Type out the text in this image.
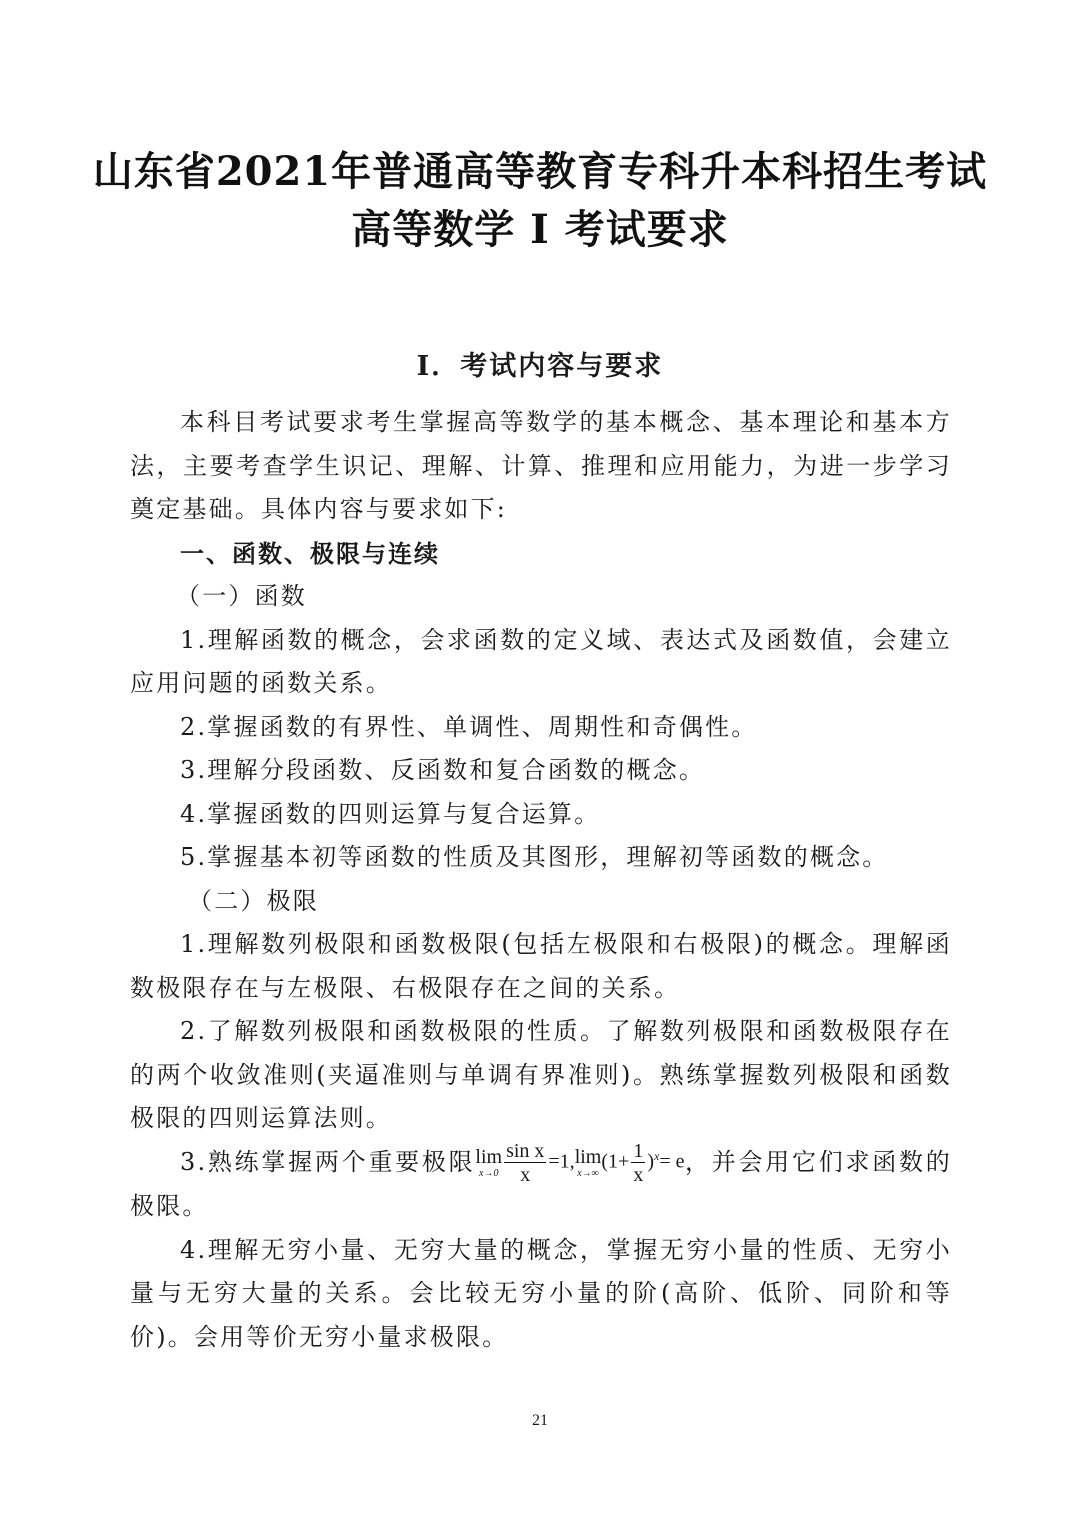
山东省2021年普通高等教育专科升本科招生考试
高等数学 I 考试要求
I．考试内容与要求

本科目考试要求考生掌握高等数学的基本概念、基本理论和基本方法，主要考查学生识记、理解、计算、推理和应用能力，为进一步学习奠定基础。具体内容与要求如下:

一、函数、极限与连续

（一）函数

1.理解函数的概念，会求函数的定义域、表达式及函数值，会建立应用问题的函数关系。

2.掌握函数的有界性、单调性、周期性和奇偶性。

3.理解分段函数、反函数和复合函数的概念。

4.掌握函数的四则运算与复合运算。

5.掌握基本初等函数的性质及其图形，理解初等函数的概念。

（二）极限

1.理解数列极限和函数极限(包括左极限和右极限)的概念。理解函数极限存在与左极限、右极限存在之间的关系。

2.了解数列极限和函数极限的性质。了解数列极限和函数极限存在的两个收敛准则(夹逼准则与单调有界准则)。熟练掌握数列极限和函数极限的四则运算法则。

3.熟练掌握两个重要极限lim
$x\to 0 \frac{\text{sin x}}{x} =1,\lim$
x→∞
$(1+ \frac{1}{x} )^x= e$，并会用它们求函数的极限。

4.理解无穷小量、无穷大量的概念，掌握无穷小量的性质、无穷小量与无穷大量的关系。会比较无穷小量的阶(高阶、低阶、同阶和等价)。会用等价无穷小量求极限。

21
